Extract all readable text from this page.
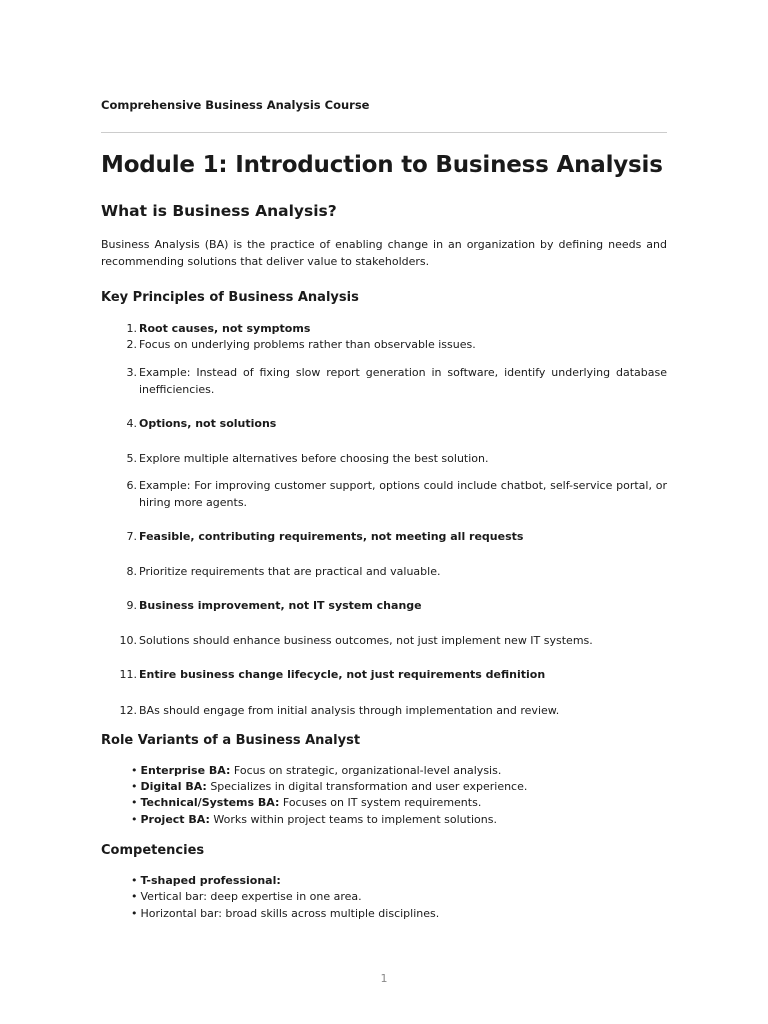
Comprehensive Business Analysis Course
Module 1: Introduction to Business Analysis
What is Business Analysis?

Business Analysis (BA) is the practice of enabling change in an organization by defining needs and recommending solutions that deliver value to stakeholders.

Key Principles of Business Analysis
1. Root causes, not symptoms
2. Focus on underlying problems rather than observable issues.
3. Example: Instead of fixing slow report generation in software, identify underlying database inefficiencies.
4. Options, not solutions
5. Explore multiple alternatives before choosing the best solution.
6. Example: For improving customer support, options could include chatbot, self-service portal, or hiring more agents.
7. Feasible, contributing requirements, not meeting all requests
8. Prioritize requirements that are practical and valuable.
9. Business improvement, not IT system change
10. Solutions should enhance business outcomes, not just implement new IT systems.
11. Entire business change lifecycle, not just requirements definition
12. BAs should engage from initial analysis through implementation and review.
Role Variants of a Business Analyst
• Enterprise BA: Focus on strategic, organizational-level analysis.
• Digital BA: Specializes in digital transformation and user experience.
• Technical/Systems BA: Focuses on IT system requirements.
• Project BA: Works within project teams to implement solutions.
Competencies
• T-shaped professional:
• Vertical bar: deep expertise in one area.
• Horizontal bar: broad skills across multiple disciplines.
1
